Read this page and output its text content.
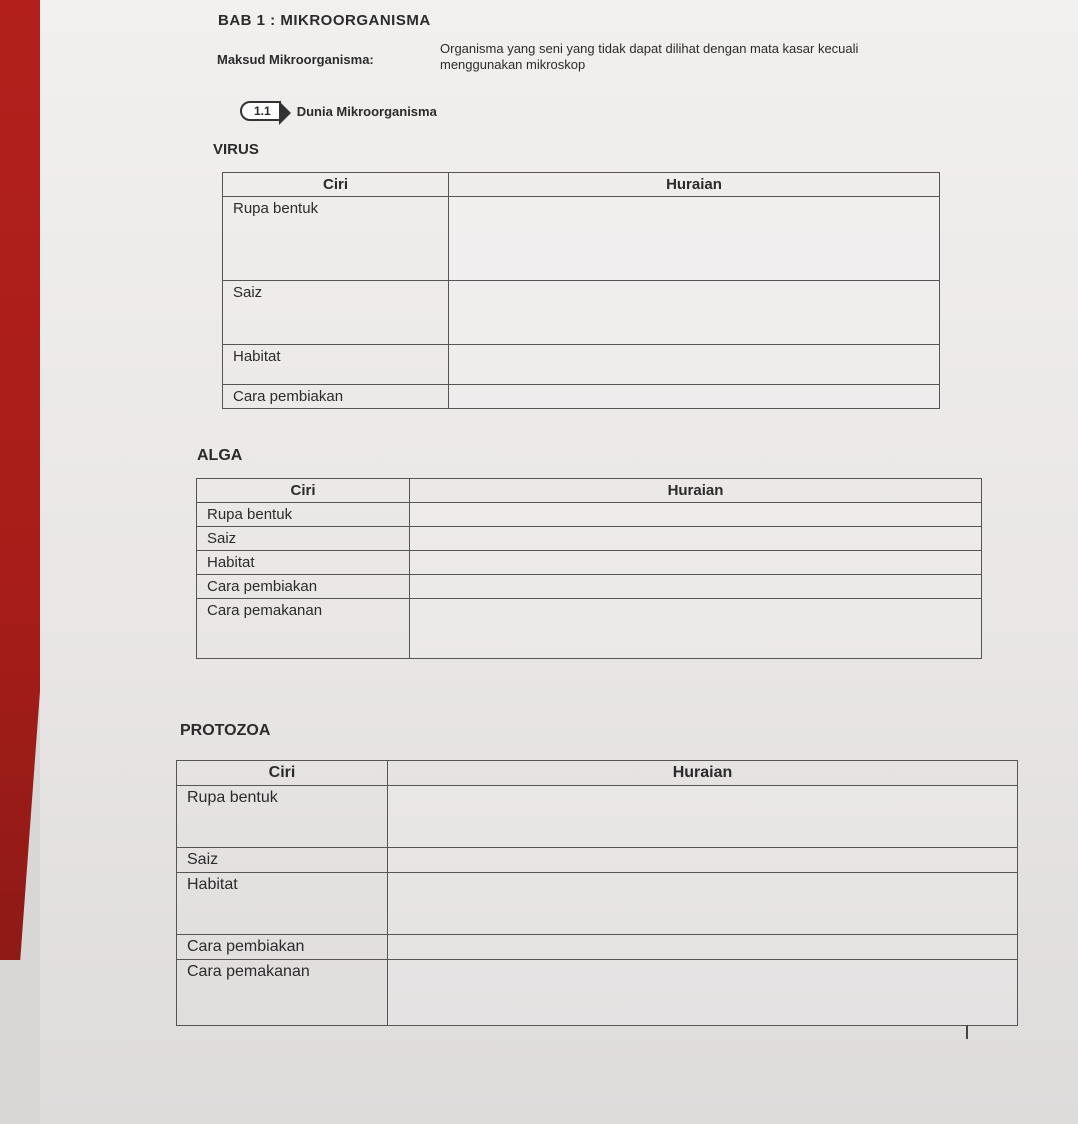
BAB 1 : MIKROORGANISMA
Maksud Mikroorganisma:
Organisma yang seni yang tidak dapat dilihat dengan mata kasar kecuali menggunakan mikroskop
1.1	Dunia Mikroorganisma
VIRUS
Ciri	Huraian
Rupa bentuk	
Saiz	
Habitat	
Cara pembiakan	
ALGA
Ciri	Huraian
Rupa bentuk	
Saiz	
Habitat	
Cara pembiakan	
Cara pemakanan	
PROTOZOA
Ciri	Huraian
Rupa bentuk	
Saiz	
Habitat	
Cara pembiakan	
Cara pemakanan	
